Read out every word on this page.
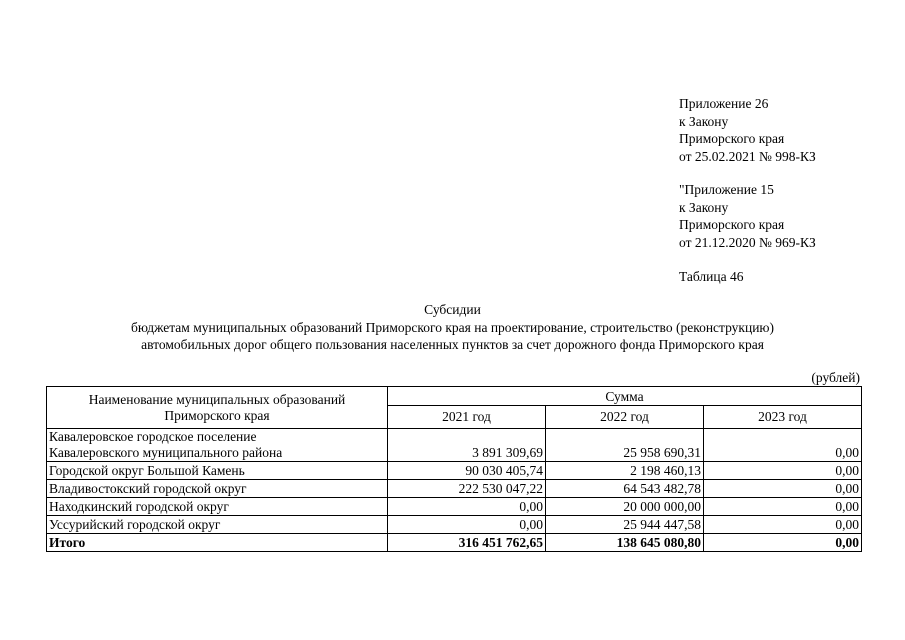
Приложение 26
к Закону
Приморского края
от 25.02.2021 № 998-КЗ
"Приложение 15
к Закону
Приморского края
от 21.12.2020 № 969-КЗ
Таблица 46
Субсидии
бюджетам муниципальных образований Приморского края на проектирование, строительство (реконструкцию)
автомобильных дорог общего пользования населенных пунктов за счет дорожного фонда Приморского края
(рублей)
Наименование муниципальных образований
Приморского края	Сумма		
	2021 год	2022 год	2023 год
Кавалеровское городское поселение
Кавалеровского муниципального района	3 891 309,69	25 958 690,31	0,00
Городской округ Большой Камень	90 030 405,74	2 198 460,13	0,00
Владивостокский городской округ	222 530 047,22	64 543 482,78	0,00
Находкинский городской округ	0,00	20 000 000,00	0,00
Уссурийский городской округ	0,00	25 944 447,58	0,00
Итого	316 451 762,65	138 645 080,80	0,00
